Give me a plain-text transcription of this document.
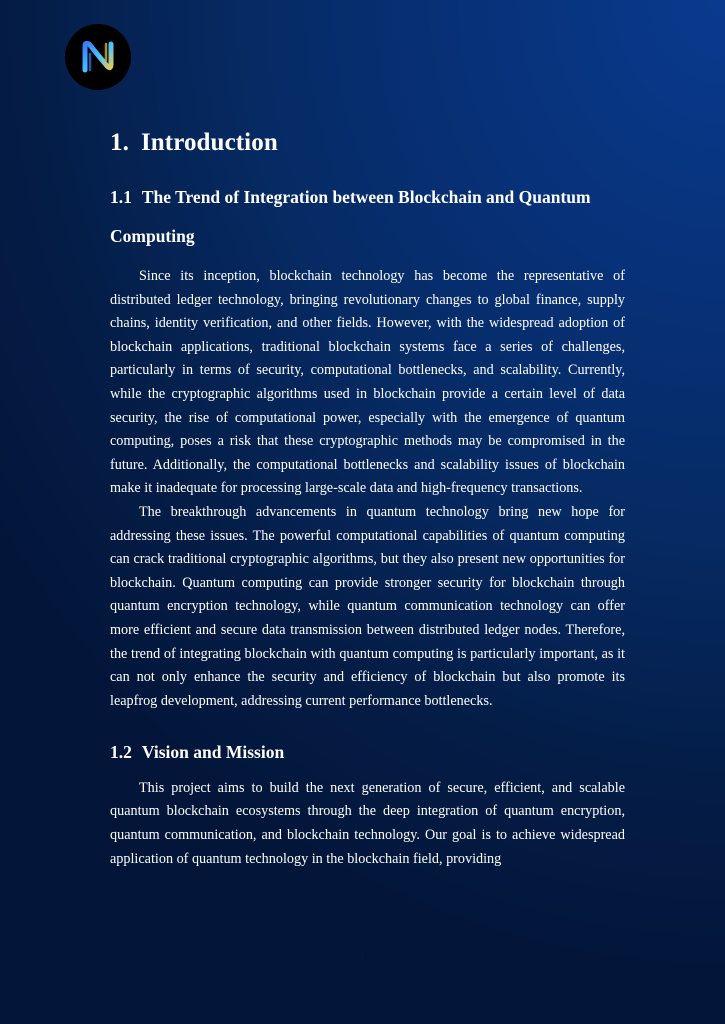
1. Introduction
1.1 The Trend of Integration between Blockchain and Quantum Computing

Since its inception, blockchain technology has become the representative of distributed ledger technology, bringing revolutionary changes to global finance, supply chains, identity verification, and other fields. However, with the widespread adoption of blockchain applications, traditional blockchain systems face a series of challenges, particularly in terms of security, computational bottlenecks, and scalability. Currently, while the cryptographic algorithms used in blockchain provide a certain level of data security, the rise of computational power, especially with the emergence of quantum computing, poses a risk that these cryptographic methods may be compromised in the future. Additionally, the computational bottlenecks and scalability issues of blockchain make it inadequate for processing large-scale data and high-frequency transactions.

The breakthrough advancements in quantum technology bring new hope for addressing these issues. The powerful computational capabilities of quantum computing can crack traditional cryptographic algorithms, but they also present new opportunities for blockchain. Quantum computing can provide stronger security for blockchain through quantum encryption technology, while quantum communication technology can offer more efficient and secure data transmission between distributed ledger nodes. Therefore, the trend of integrating blockchain with quantum computing is particularly important, as it can not only enhance the security and efficiency of blockchain but also promote its leapfrog development, addressing current performance bottlenecks.

1.2 Vision and Mission

This project aims to build the next generation of secure, efficient, and scalable quantum blockchain ecosystems through the deep integration of quantum encryption, quantum communication, and blockchain technology. Our goal is to achieve widespread application of quantum technology in the blockchain field, providing

1
